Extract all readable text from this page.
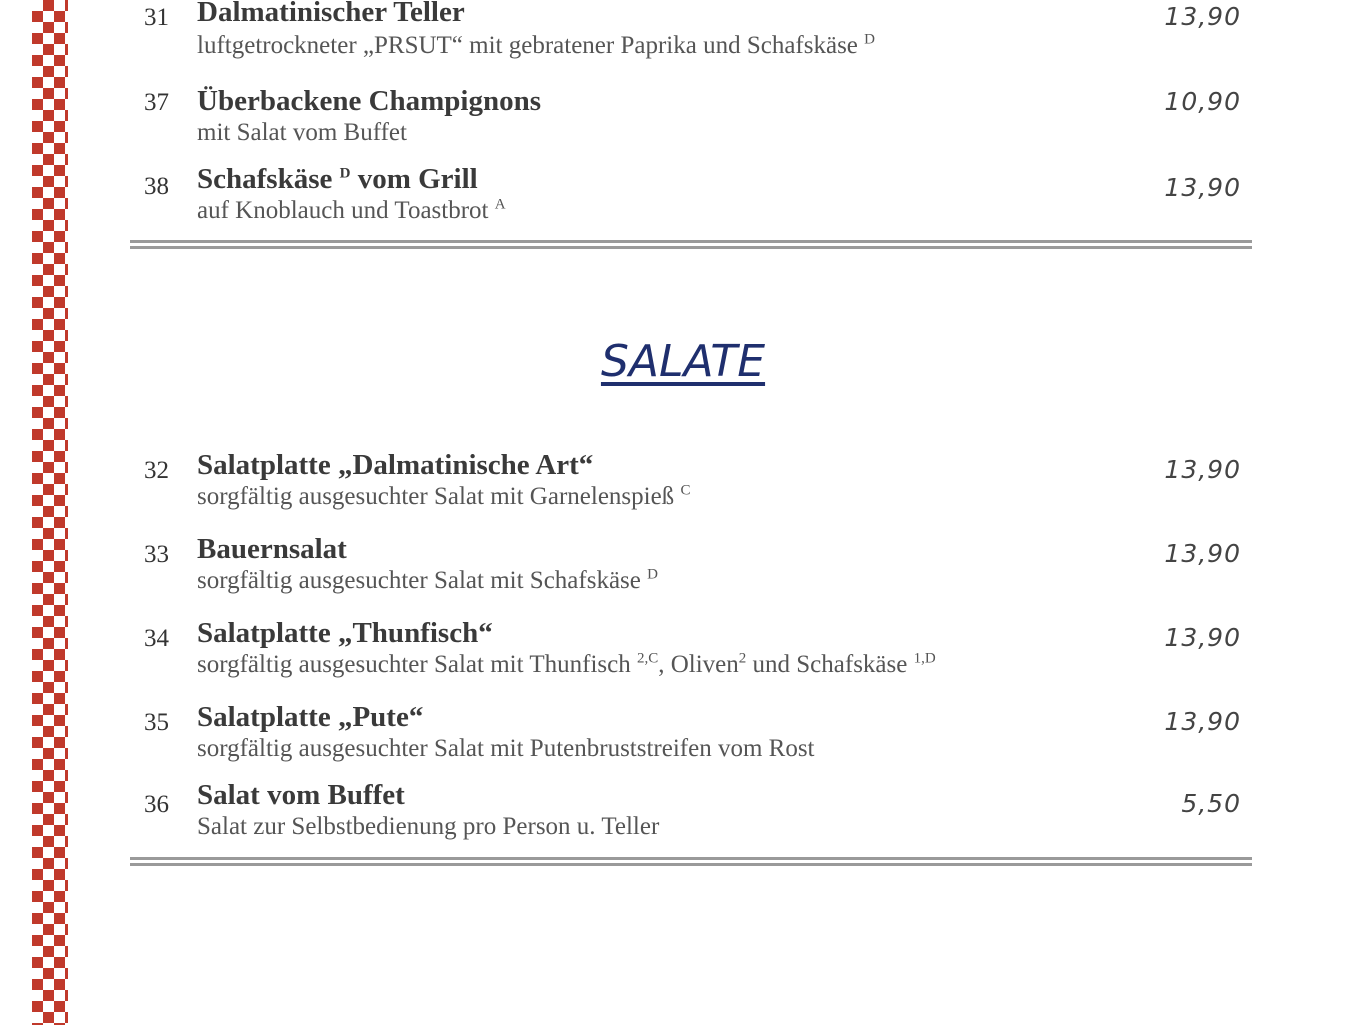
31 Dalmatinischer Teller
luftgetrockneter „PRSUT“ mit gebratener Paprika und Schafskäse $^D$
13,90
37 Überbackene Champignons
mit Salat vom Buffet
10,90
38 Schafskäse $^D$ vom Grill
auf Knoblauch und Toastbrot $^A$
13,90
SALATE
32 Salatplatte „Dalmatinische Art“
sorgfältig ausgesuchter Salat mit Garnelenspieß $^C$
13,90
33 Bauernsalat
sorgfältig ausgesuchter Salat mit Schafskäse $^D$
13,90
34 Salatplatte „Thunfisch“
sorgfältig ausgesuchter Salat mit Thunfisch $^{2,C}$, Oliven$^2$ und Schafskäse $^{1,D}$
13,90
35 Salatplatte „Pute“
sorgfältig ausgesuchter Salat mit Putenbruststreifen vom Rost
13,90
36 Salat vom Buffet
Salat zur Selbstbedienung pro Person u. Teller
5,50
